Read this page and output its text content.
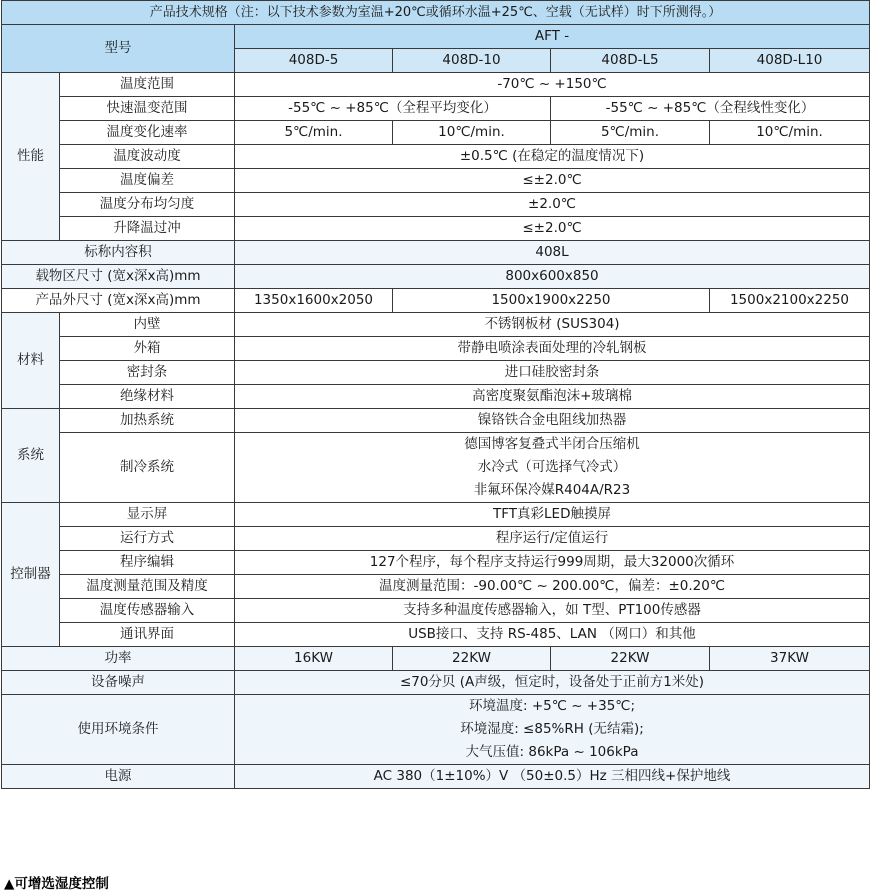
产品技术规格（注：以下技术参数为室温+20℃或循环水温+25℃、空载（无试样）时下所测得。）					
型号		AFT -			
		408D-5	408D-10	408D-L5	408D-L10
性能	温度范围	-70℃ ~ +150℃			
	快速温变范围	-55℃ ~ +85℃（全程平均变化）		-55℃ ~ +85℃（全程线性变化）	
	温度变化速率	5℃/min.	10℃/min.	5℃/min.	10℃/min.
	温度波动度	±0.5℃ (在稳定的温度情况下)			
	温度偏差	≤±2.0℃			
	温度分布均匀度	±2.0℃			
	升降温过冲	≤±2.0℃			
标称内容积		408L			
载物区尺寸 (宽x深x高)mm		800x600x850			
产品外尺寸 (宽x深x高)mm		1350x1600x2050	1500x1900x2250		1500x2100x2250
材料	内壁	不锈钢板材 (SUS304)			
	外箱	带静电喷涂表面处理的冷轧钢板			
	密封条	进口硅胶密封条			
	绝缘材料	高密度聚氨酯泡沫+玻璃棉			
系统	加热系统	镍铬铁合金电阻线加热器			
	制冷系统	德国博客复叠式半闭合压缩机
水冷式（可选择气冷式）
非氟环保冷媒R404A/R23			

控制器	显示屏	TFT真彩LED触摸屏			
	运行方式	程序运行/定值运行			
	程序编辑	127个程序，每个程序支持运行999周期，最大32000次循环			
	温度测量范围及精度	温度测量范围：-90.00℃ ~ 200.00℃，偏差：±0.20℃			
	温度传感器输入	支持多种温度传感器输入，如 T型、PT100传感器			
	通讯界面	USB接口、支持 RS-485、LAN （网口）和其他			
功率		16KW	22KW	22KW	37KW
设备噪声		≤70分贝 (A声级，恒定时，设备处于正前方1米处)			
使用环境条件		环境温度: +5℃ ~ +35℃;
环境湿度: ≤85%RH (无结霜);
大气压值: 86kPa ~ 106kPa			

电源		AC 380（1±10%）V （50±0.5）Hz 三相四线+保护地线			
▲可增选湿度控制
